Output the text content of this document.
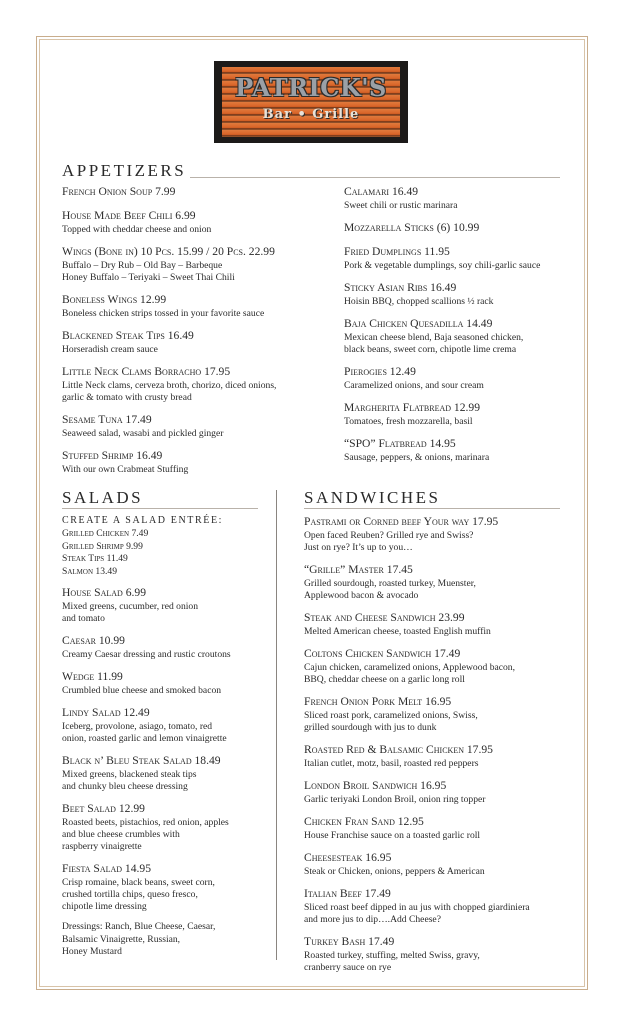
PATRICK'S
Bar • Grille
APPETIZERS
French Onion Soup 7.99
House Made Beef Chili 6.99
Topped with cheddar cheese and onion
Wings (Bone in) 10 Pcs. 15.99 / 20 Pcs. 22.99
Buffalo – Dry Rub – Old Bay – Barbeque
Honey Buffalo – Teriyaki – Sweet Thai Chili
Boneless Wings 12.99
Boneless chicken strips tossed in your favorite sauce
Blackened Steak Tips 16.49
Horseradish cream sauce
Little Neck Clams Borracho 17.95
Little Neck clams, cerveza broth, chorizo, diced onions,
garlic & tomato with crusty bread
Sesame Tuna 17.49
Seaweed salad, wasabi and pickled ginger
Stuffed Shrimp 16.49
With our own Crabmeat Stuffing
Calamari 16.49
Sweet chili or rustic marinara
Mozzarella Sticks (6) 10.99
Fried Dumplings 11.95
Pork & vegetable dumplings, soy chili-garlic sauce
Sticky Asian Ribs 16.49
Hoisin BBQ, chopped scallions ½ rack
Baja Chicken Quesadilla 14.49
Mexican cheese blend, Baja seasoned chicken,
black beans, sweet corn, chipotle lime crema
Pierogies 12.49
Caramelized onions, and sour cream
Margherita Flatbread 12.99
Tomatoes, fresh mozzarella, basil
“SPO” Flatbread 14.95
Sausage, peppers, & onions, marinara
SALADS
CREATE A SALAD ENTRÉE:
Grilled Chicken 7.49
Grilled Shrimp 9.99
Steak Tips 11.49
Salmon 13.49
House Salad 6.99
Mixed greens, cucumber, red onion
and tomato
Caesar 10.99
Creamy Caesar dressing and rustic croutons
Wedge 11.99
Crumbled blue cheese and smoked bacon
Lindy Salad 12.49
Iceberg, provolone, asiago, tomato, red
onion, roasted garlic and lemon vinaigrette
Black n’ Bleu Steak Salad 18.49
Mixed greens, blackened steak tips
and chunky bleu cheese dressing
Beet Salad 12.99
Roasted beets, pistachios, red onion, apples
and blue cheese crumbles with
raspberry vinaigrette
Fiesta Salad 14.95
Crisp romaine, black beans, sweet corn,
crushed tortilla chips, queso fresco,
chipotle lime dressing
Dressings: Ranch, Blue Cheese, Caesar,
Balsamic Vinaigrette, Russian,
Honey Mustard
SANDWICHES
Pastrami or Corned beef Your way 17.95
Open faced Reuben? Grilled rye and Swiss?
Just on rye? It’s up to you…
“Grille” Master 17.45
Grilled sourdough, roasted turkey, Muenster,
Applewood bacon & avocado
Steak and Cheese Sandwich 23.99
Melted American cheese, toasted English muffin
Coltons Chicken Sandwich 17.49
Cajun chicken, caramelized onions, Applewood bacon,
BBQ, cheddar cheese on a garlic long roll
French Onion Pork Melt 16.95
Sliced roast pork, caramelized onions, Swiss,
grilled sourdough with jus to dunk
Roasted Red & Balsamic Chicken 17.95
Italian cutlet, motz, basil, roasted red peppers
London Broil Sandwich 16.95
Garlic teriyaki London Broil, onion ring topper
Chicken Fran Sand 12.95
House Franchise sauce on a toasted garlic roll
Cheesesteak 16.95
Steak or Chicken, onions, peppers & American
Italian Beef 17.49
Sliced roast beef dipped in au jus with chopped giardiniera
and more jus to dip….Add Cheese?
Turkey Bash 17.49
Roasted turkey, stuffing, melted Swiss, gravy,
cranberry sauce on rye
